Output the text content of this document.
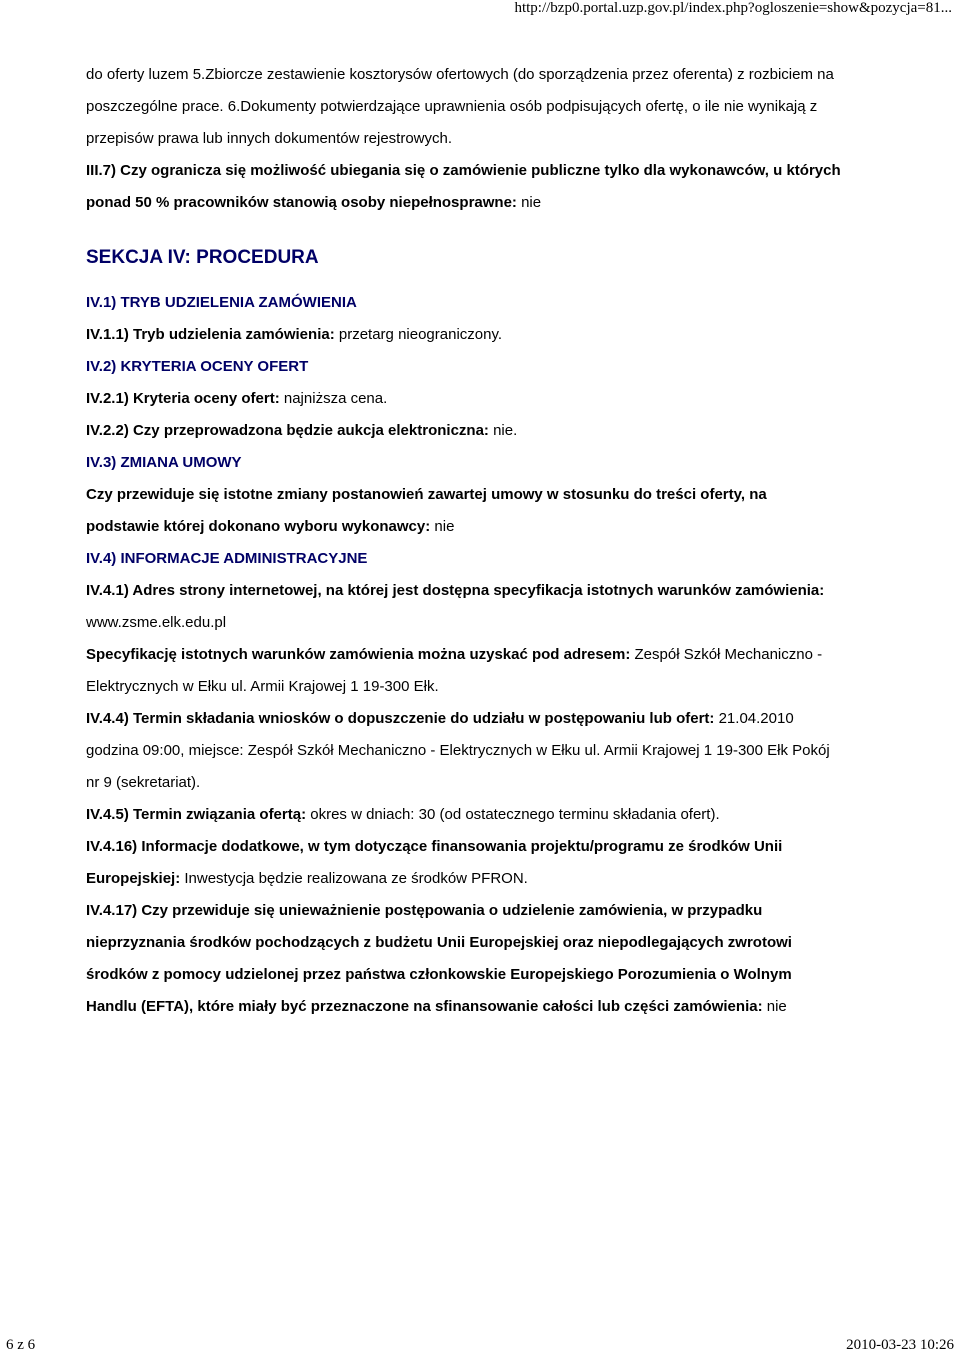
http://bzp0.portal.uzp.gov.pl/index.php?ogloszenie=show&pozycja=81...

do oferty luzem 5.Zbiorcze zestawienie kosztorysów ofertowych (do sporządzenia przez oferenta) z rozbiciem na

poszczególne prace. 6.Dokumenty potwierdzające uprawnienia osób podpisujących ofertę, o ile nie wynikają z

przepisów prawa lub innych dokumentów rejestrowych.

III.7) Czy ogranicza się możliwość ubiegania się o zamówienie publiczne tylko dla wykonawców, u których

ponad 50 % pracowników stanowią osoby niepełnosprawne: nie

SEKCJA IV: PROCEDURA

IV.1) TRYB UDZIELENIA ZAMÓWIENIA

IV.1.1) Tryb udzielenia zamówienia: przetarg nieograniczony.

IV.2) KRYTERIA OCENY OFERT

IV.2.1) Kryteria oceny ofert: najniższa cena.

IV.2.2) Czy przeprowadzona będzie aukcja elektroniczna: nie.

IV.3) ZMIANA UMOWY

Czy przewiduje się istotne zmiany postanowień zawartej umowy w stosunku do treści oferty, na

podstawie której dokonano wyboru wykonawcy: nie

IV.4) INFORMACJE ADMINISTRACYJNE

IV.4.1) Adres strony internetowej, na której jest dostępna specyfikacja istotnych warunków zamówienia:

www.zsme.elk.edu.pl

Specyfikację istotnych warunków zamówienia można uzyskać pod adresem: Zespół Szkół Mechaniczno -

Elektrycznych w Ełku ul. Armii Krajowej 1 19-300 Ełk.

IV.4.4) Termin składania wniosków o dopuszczenie do udziału w postępowaniu lub ofert: 21.04.2010

godzina 09:00, miejsce: Zespół Szkół Mechaniczno - Elektrycznych w Ełku ul. Armii Krajowej 1 19-300 Ełk Pokój

nr 9 (sekretariat).

IV.4.5) Termin związania ofertą: okres w dniach: 30 (od ostatecznego terminu składania ofert).

IV.4.16) Informacje dodatkowe, w tym dotyczące finansowania projektu/programu ze środków Unii

Europejskiej: Inwestycja będzie realizowana ze środków PFRON.

IV.4.17) Czy przewiduje się unieważnienie postępowania o udzielenie zamówienia, w przypadku

nieprzyznania środków pochodzących z budżetu Unii Europejskiej oraz niepodlegających zwrotowi

środków z pomocy udzielonej przez państwa członkowskie Europejskiego Porozumienia o Wolnym

Handlu (EFTA), które miały być przeznaczone na sfinansowanie całości lub części zamówienia: nie

6 z 6	2010-03-23 10:26
